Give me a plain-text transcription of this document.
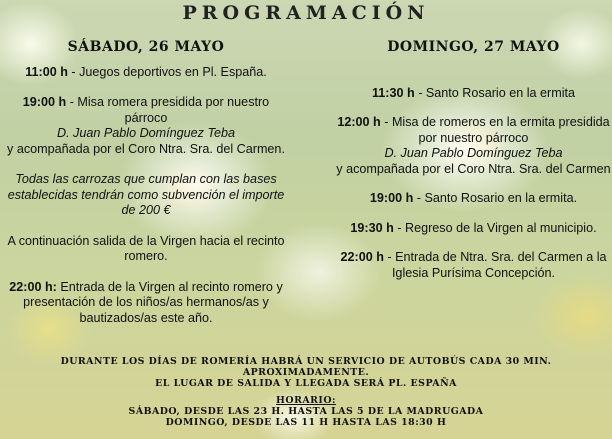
PROGRAMACIÓN
SÁBADO, 26 MAYO
11:00 h - Juegos deportivos en Pl. España.
19:00 h - Misa romera presidida por nuestro párroco
D. Juan Pablo Domínguez Teba
y acompañada por el Coro Ntra. Sra. del Carmen.
Todas las carrozas que cumplan con las bases establecidas tendrán como subvención el importe de 200 €
A continuación salida de la Virgen hacia el recinto romero.
22:00 h: Entrada de la Virgen al recinto romero y presentación de los niños/as hermanos/as y bautizados/as este año.
DOMINGO, 27 MAYO
11:30 h - Santo Rosario en la ermita
12:00 h - Misa de romeros en la ermita presidida por nuestro párroco
D. Juan Pablo Domínguez Teba
y acompañada por el Coro Ntra. Sra. del Carmen
19:00 h - Santo Rosario en la ermita.
19:30 h - Regreso de la Virgen al municipio.
22:00 h - Entrada de Ntra. Sra. del Carmen a la Iglesia Purísima Concepción.
DURANTE LOS DÍAS DE ROMERÍA HABRÁ UN SERVICIO DE AUTOBÚS CADA 30 MIN. APROXIMADAMENTE.
EL LUGAR DE SALIDA Y LLEGADA SERÁ PL. ESPAÑA
HORARIO:
SÁBADO, DESDE LAS 23 H. HASTA LAS 5 DE LA MADRUGADA
DOMINGO, DESDE LAS 11 H HASTA LAS 18:30 H
